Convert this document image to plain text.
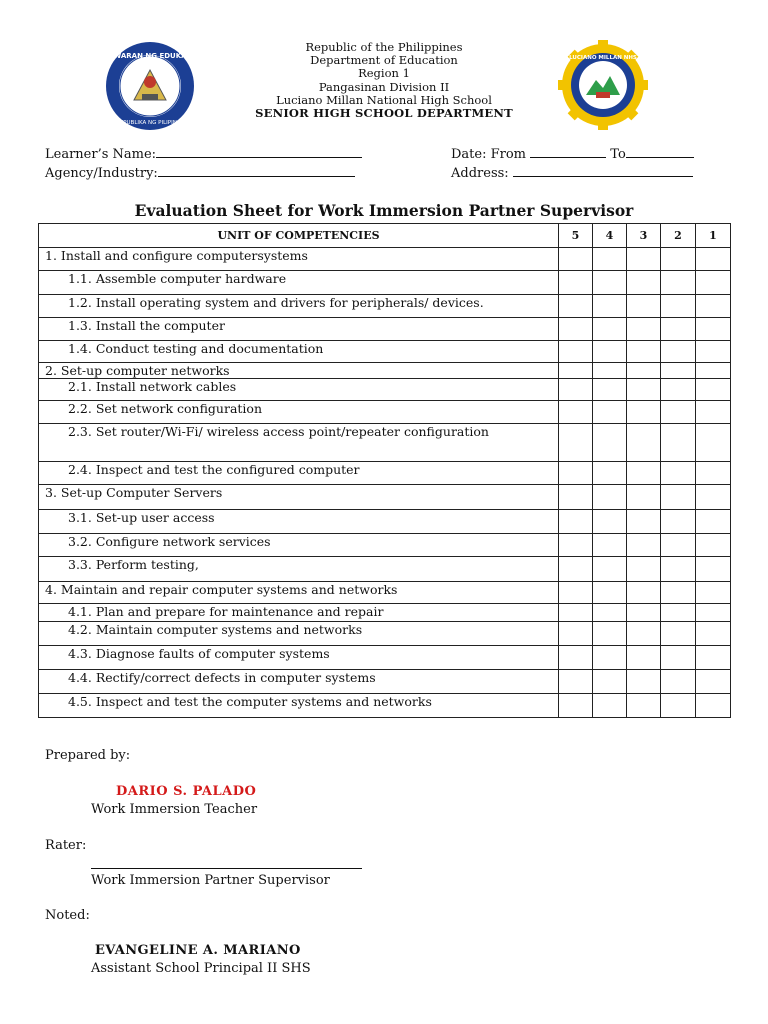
KAGAWARAN NG EDUKASYON
REPUBLIKA NG PILIPINAS
LUCIANO MILLAN NHS
Republic of the Philippines
Department of Education
Region 1
Pangasinan Division II
Luciano Millan National High School
SENIOR HIGH SCHOOL DEPARTMENT
Learner’s Name:
Agency/Industry:
Date: From	To
Address:
Evaluation Sheet for Work Immersion Partner Supervisor
UNIT OF COMPETENCIES	5	4	3	2	1
1. Install and configure computersystems					
1.1. Assemble computer hardware					
1.2. Install operating system and drivers for peripherals/ devices.					
1.3. Install the computer					
1.4. Conduct testing and documentation					
2. Set-up computer networks					
2.1. Install network cables					
2.2. Set network configuration					
2.3. Set router/Wi-Fi/ wireless access point/repeater configuration					
2.4. Inspect and test the configured computer					
3. Set-up Computer Servers					
3.1. Set-up user access					
3.2. Configure network services					
3.3. Perform testing,					
4. Maintain and repair computer systems and networks					
4.1. Plan and prepare for maintenance and repair					
4.2. Maintain computer systems and networks					
4.3. Diagnose faults of computer systems					
4.4. Rectify/correct defects in computer systems					
4.5. Inspect and test the computer systems and networks					
Prepared by:
DARIO S. PALADO
Work Immersion Teacher
Rater:
Work Immersion Partner Supervisor
Noted:
EVANGELINE A. MARIANO
Assistant School Principal II SHS
